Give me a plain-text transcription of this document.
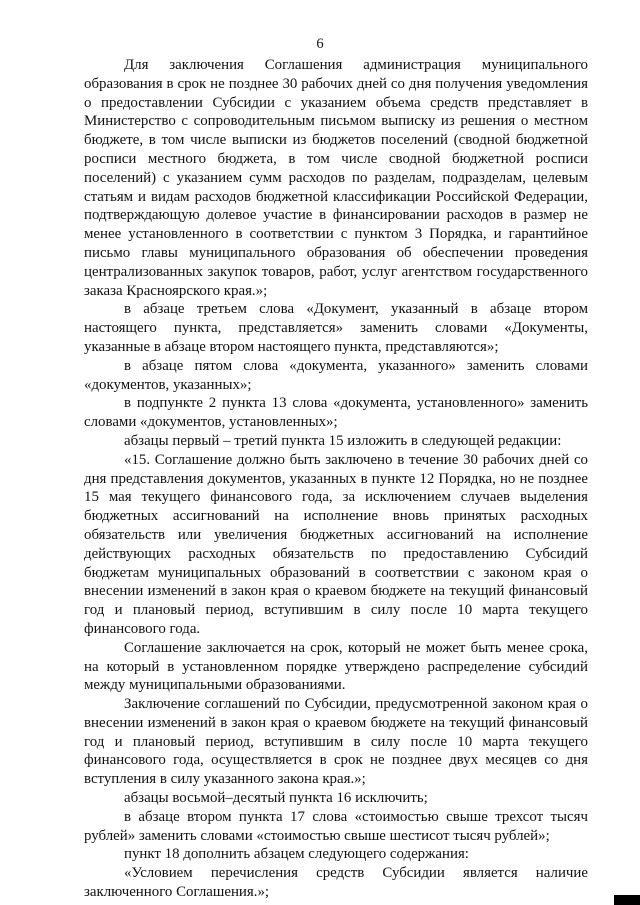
6

Для заключения Соглашения администрация муниципального образования в срок не позднее 30 рабочих дней со дня получения уведомления о предоставлении Субсидии с указанием объема средств представляет в Министерство с сопроводительным письмом выписку из решения о местном бюджете, в том числе выписки из бюджетов поселений (сводной бюджетной росписи местного бюджета, в том числе сводной бюджетной росписи поселений) с указанием сумм расходов по разделам, подразделам, целевым статьям и видам расходов бюджетной классификации Российской Федерации, подтверждающую долевое участие в финансировании расходов в размер не менее установленного в соответствии с пунктом 3 Порядка, и гарантийное письмо главы муниципального образования об обеспечении проведения централизованных закупок товаров, работ, услуг агентством государственного заказа Красноярского края.»;

в абзаце третьем слова «Документ, указанный в абзаце втором настоящего пункта, представляется» заменить словами «Документы, указанные в абзаце втором настоящего пункта, представляются»;

в абзаце пятом слова «документа, указанного» заменить словами «документов, указанных»;

в подпункте 2 пункта 13 слова «документа, установленного» заменить словами «документов, установленных»;

абзацы первый – третий пункта 15 изложить в следующей редакции:

«15. Соглашение должно быть заключено в течение 30 рабочих дней со дня представления документов, указанных в пункте 12 Порядка, но не позднее 15 мая текущего финансового года, за исключением случаев выделения бюджетных ассигнований на исполнение вновь принятых расходных обязательств или увеличения бюджетных ассигнований на исполнение действующих расходных обязательств по предоставлению Субсидий бюджетам муниципальных образований в соответствии с законом края о внесении изменений в закон края о краевом бюджете на текущий финансовый год и плановый период, вступившим в силу после 10 марта текущего финансового года.

Соглашение заключается на срок, который не может быть менее срока, на который в установленном порядке утверждено распределение субсидий между муниципальными образованиями.

Заключение соглашений по Субсидии, предусмотренной законом края о внесении изменений в закон края о краевом бюджете на текущий финансовый год и плановый период, вступившим в силу после 10 марта текущего финансового года, осуществляется в срок не позднее двух месяцев со дня вступления в силу указанного закона края.»;

абзацы восьмой–десятый пункта 16 исключить;

в абзаце втором пункта 17 слова «стоимостью свыше трехсот тысяч рублей» заменить словами «стоимостью свыше шестисот тысяч рублей»;

пункт 18 дополнить абзацем следующего содержания:

«Условием перечисления средств Субсидии является наличие заключенного Соглашения.»;
